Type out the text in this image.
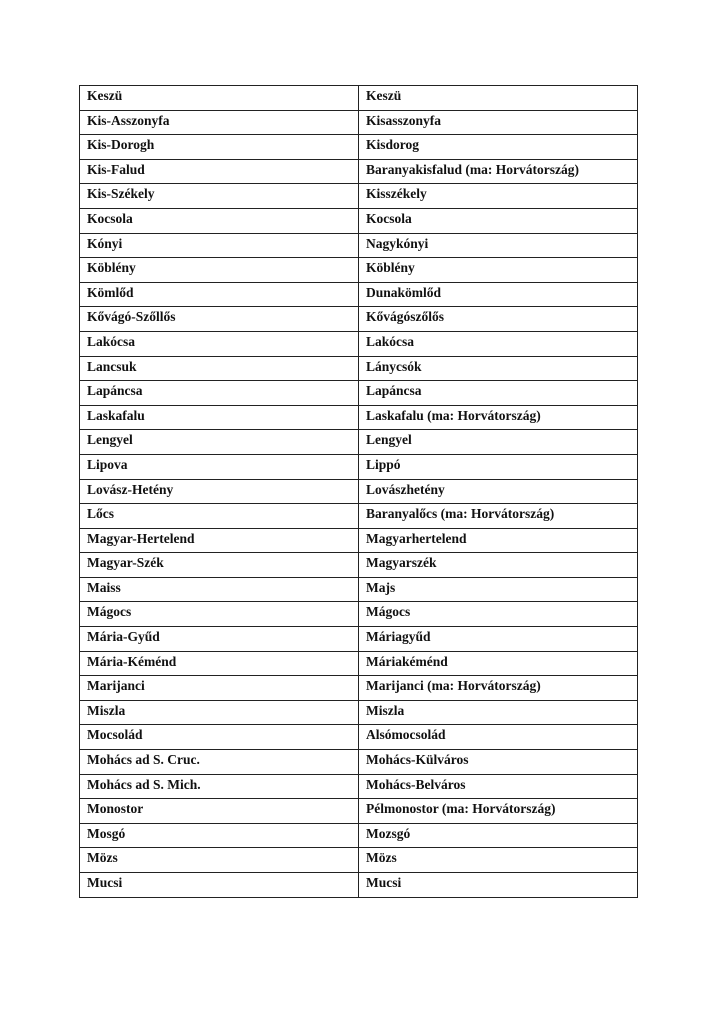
Keszü	Keszü
Kis-Asszonyfa	Kisasszonyfa
Kis-Dorogh	Kisdorog
Kis-Falud	Baranyakisfalud (ma: Horvátország)
Kis-Székely	Kisszékely
Kocsola	Kocsola
Kónyi	Nagykónyi
Köblény	Köblény
Kömlőd	Dunakömlőd
Kővágó-Szőllős	Kővágószőlős
Lakócsa	Lakócsa
Lancsuk	Lánycsók
Lapáncsa	Lapáncsa
Laskafalu	Laskafalu (ma: Horvátország)
Lengyel	Lengyel
Lipova	Lippó
Lovász-Hetény	Lovászhetény
Lőcs	Baranyalőcs (ma: Horvátország)
Magyar-Hertelend	Magyarhertelend
Magyar-Szék	Magyarszék
Maiss	Majs
Mágocs	Mágocs
Mária-Gyűd	Máriagyűd
Mária-Kéménd	Máriakéménd
Marijanci	Marijanci (ma: Horvátország)
Miszla	Miszla
Mocsolád	Alsómocsolád
Mohács ad S. Cruc.	Mohács-Külváros
Mohács ad S. Mich.	Mohács-Belváros
Monostor	Pélmonostor (ma: Horvátország)
Mosgó	Mozsgó
Mözs	Mözs
Mucsi	Mucsi
